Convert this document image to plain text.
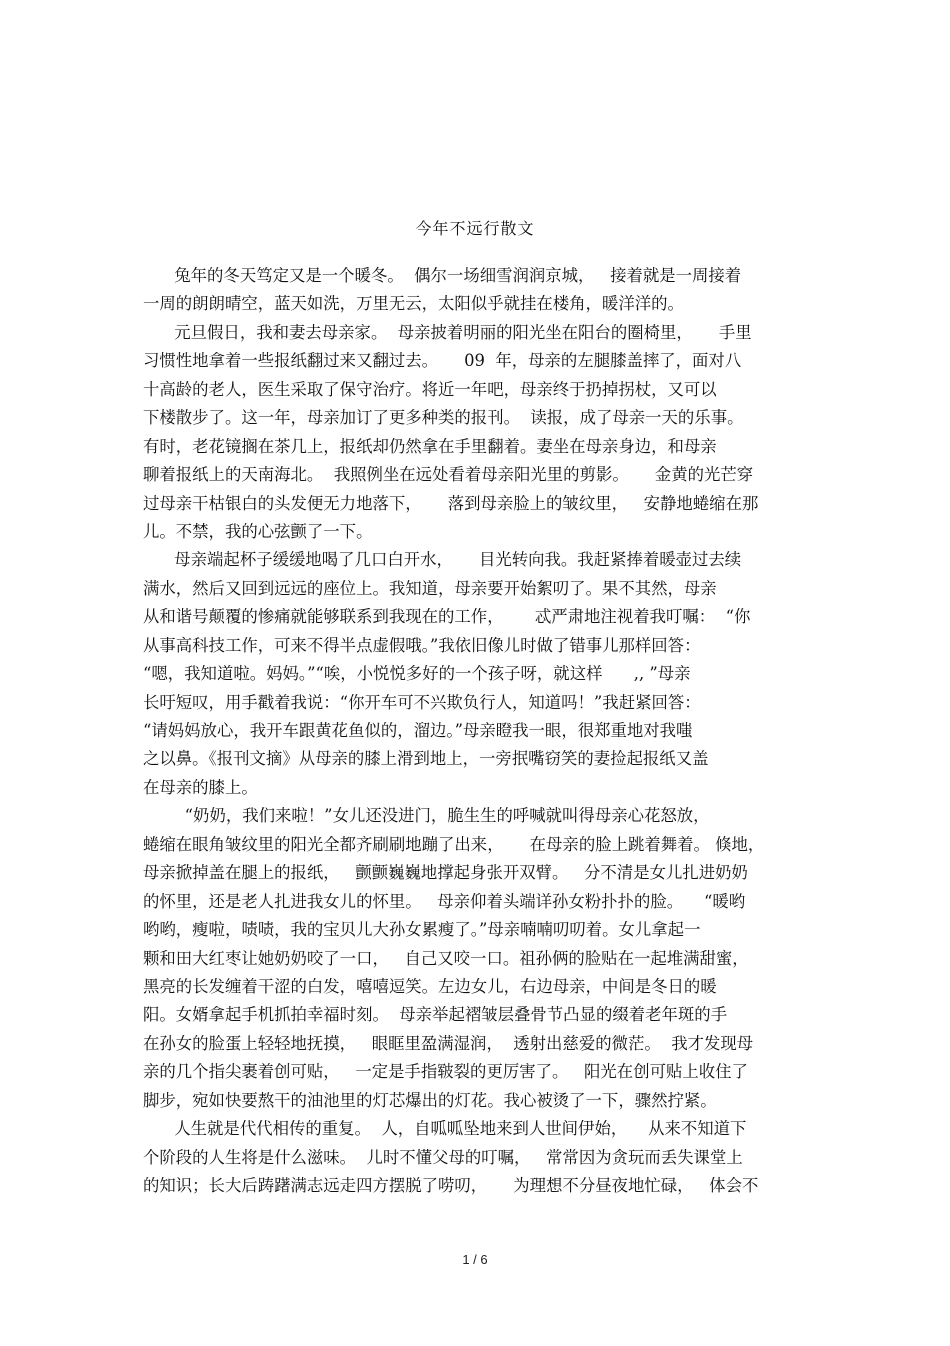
今年不远行散文
兔年的冬天笃定又是一个暖冬。  偶尔一场细雪润润京城，   接着就是一周接着
一周的朗朗晴空，蓝天如洗，万里无云，太阳似乎就挂在楼角，暖洋洋的。
元旦假日，我和妻去母亲家。  母亲披着明丽的阳光坐在阳台的圈椅里，     手里
习惯性地拿着一些报纸翻过来又翻过去。     09  年，母亲的左腿膝盖摔了，面对八
十高龄的老人，医生采取了保守治疗。将近一年吧，母亲终于扔掉拐杖，又可以
下楼散步了。这一年，母亲加订了更多种类的报刊。  读报，成了母亲一天的乐事。
有时，老花镜搁在茶几上，报纸却仍然拿在手里翻着。妻坐在母亲身边，和母亲
聊着报纸上的天南海北。  我照例坐在远处看着母亲阳光里的剪影。     金黄的光芒穿
过母亲干枯银白的头发便无力地落下，     落到母亲脸上的皱纹里，   安静地蜷缩在那
儿。不禁，我的心弦颤了一下。
母亲端起杯子缓缓地喝了几口白开水，     目光转向我。我赶紧捧着暖壶过去续
满水，然后又回到远远的座位上。我知道，母亲要开始絮叨了。果不其然，母亲
从和谐号颠覆的惨痛就能够联系到我现在的工作，      忒严肃地注视着我叮嘱：  “你
从事高科技工作，可来不得半点虚假哦。”我依旧像儿时做了错事儿那样回答：
“嗯，我知道啦。妈妈。”“唉，小悦悦多好的一个孩子呀，就这样      ,, ”母亲
长吁短叹，用手戳着我说：“你开车可不兴欺负行人，知道吗！”我赶紧回答：
“请妈妈放心，我开车跟黄花鱼似的，溜边。”母亲瞪我一眼，很郑重地对我嗤
之以鼻。《报刊文摘》从母亲的膝上滑到地上，一旁抿嘴窃笑的妻捡起报纸又盖
在母亲的膝上。
“奶奶，我们来啦！”女儿还没进门，脆生生的呼喊就叫得母亲心花怒放，
蜷缩在眼角皱纹里的阳光全都齐刷刷地蹦了出来，     在母亲的脸上跳着舞着。 倏地，
母亲掀掉盖在腿上的报纸，   颤颤巍巍地撑起身张开双臂。   分不清是女儿扎进奶奶
的怀里，还是老人扎进我女儿的怀里。   母亲仰着头端详孙女粉扑扑的脸。    “暖哟
哟哟，瘦啦，啧啧，我的宝贝儿大孙女累瘦了。”母亲喃喃叨叨着。女儿拿起一
颗和田大红枣让她奶奶咬了一口，   自己又咬一口。祖孙俩的脸贴在一起堆满甜蜜，
黑亮的长发缠着干涩的白发，嘻嘻逗笑。左边女儿，右边母亲，中间是冬日的暖
阳。女婿拿起手机抓拍幸福时刻。  母亲举起褶皱层叠骨节凸显的缀着老年斑的手
在孙女的脸蛋上轻轻地抚摸，   眼眶里盈满湿润，  透射出慈爱的微茫。  我才发现母
亲的几个指尖裹着创可贴，   一定是手指皲裂的更厉害了。   阳光在创可贴上收住了
脚步，宛如快要熬干的油池里的灯芯爆出的灯花。我心被烫了一下，骤然拧紧。
人生就是代代相传的重复。  人，自呱呱坠地来到人世间伊始，    从来不知道下
个阶段的人生将是什么滋味。  儿时不懂父母的叮嘱，   常常因为贪玩而丢失课堂上
的知识；长大后踌躇满志远走四方摆脱了唠叨，     为理想不分昼夜地忙碌，   体会不
1 / 6
